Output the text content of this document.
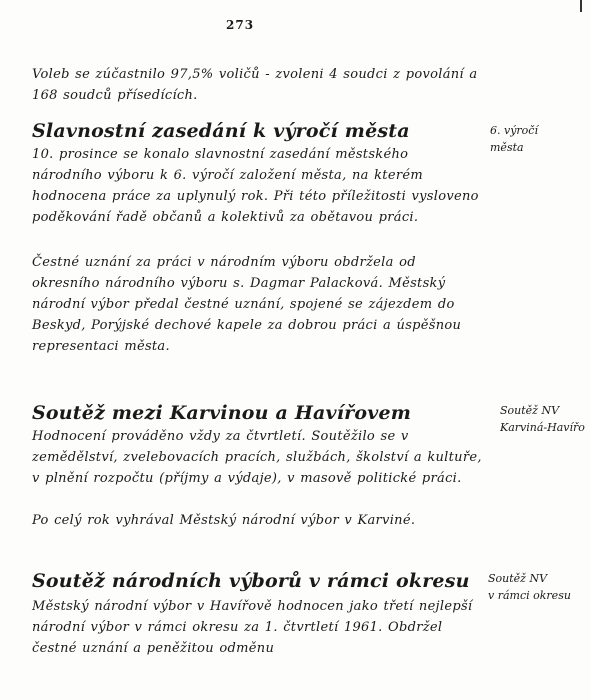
273

Voleb se zúčastnilo 97,5% voličů - zvoleni 4 soudci z povolání a 168 soudců přísedících.

Slavnostní zasedání k výročí města	6. výročí
města

10. prosince se konalo slavnostní zasedání městského národního výboru k 6. výročí založení města, na kterém hodnocena práce za uplynulý rok. Při této příležitosti vysloveno poděkování řadě občanů a kolektivů za obětavou práci.

Čestné uznání za práci v národním výboru obdržela od okresního národního výboru s. Dagmar Palacková. Městský národní výbor předal čestné uznání, spojené se zájezdem do Beskyd, Porýjské dechové kapele za dobrou práci a úspěšnou representaci města.

Soutěž mezi Karvinou a Havířovem	Soutěž NV
Karviná-Havířo

Hodnocení prováděno vždy za čtvrtletí. Soutěžilo se v zemědělství, zvelebovacích pracích, službách, školství a kultuře, v plnění rozpočtu (příjmy a výdaje), v masově politické práci.

Po celý rok vyhrával Městský národní výbor v Karviné.

Soutěž národních výborů v rámci okresu	Soutěž NV
v rámci okresu

Městský národní výbor v Havířově hodnocen jako třetí nejlepší národní výbor v rámci okresu za 1. čtvrtletí 1961. Obdržel čestné uznání a peněžitou odměnu
